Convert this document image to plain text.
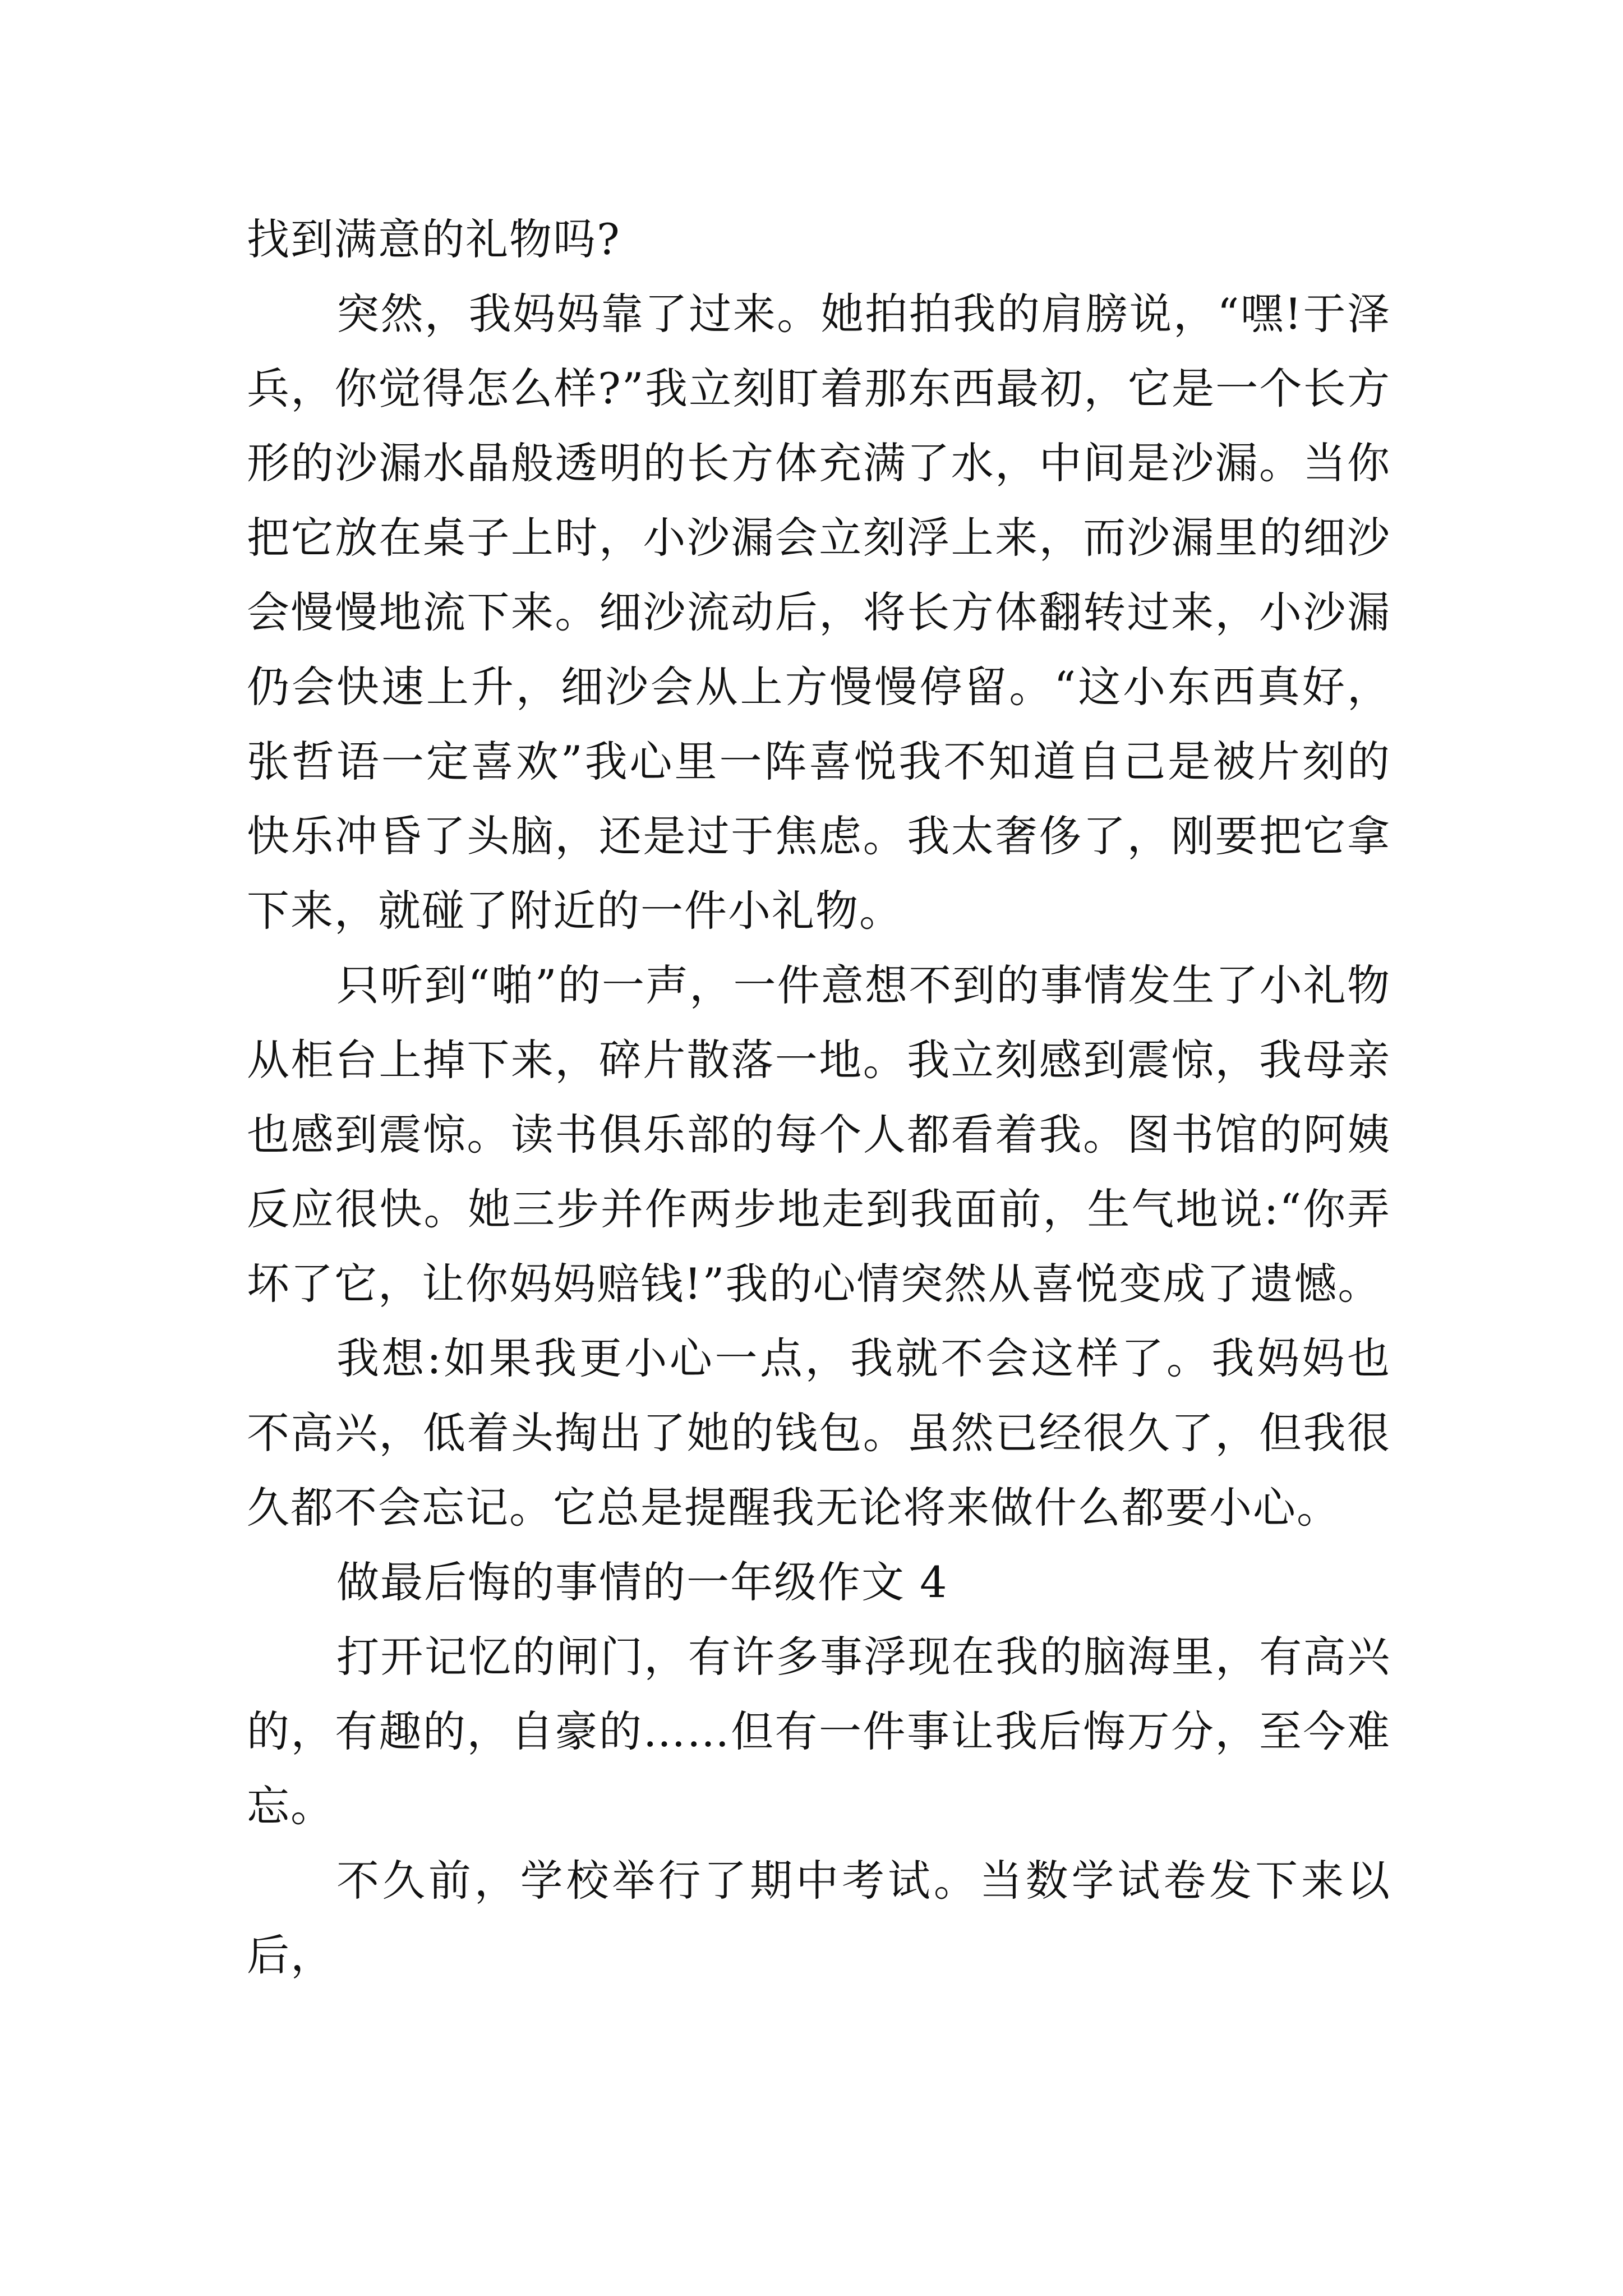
找到满意的礼物吗?

突然，我妈妈靠了过来。她拍拍我的肩膀说，“嘿!于泽兵，你觉得怎么样?”我立刻盯着那东西最初，它是一个长方形的沙漏水晶般透明的长方体充满了水，中间是沙漏。当你把它放在桌子上时，小沙漏会立刻浮上来，而沙漏里的细沙会慢慢地流下来。细沙流动后，将长方体翻转过来，小沙漏仍会快速上升，细沙会从上方慢慢停留。“这小东西真好，张哲语一定喜欢”我心里一阵喜悦我不知道自己是被片刻的快乐冲昏了头脑，还是过于焦虑。我太奢侈了，刚要把它拿下来，就碰了附近的一件小礼物。

只听到“啪”的一声，一件意想不到的事情发生了小礼物从柜台上掉下来，碎片散落一地。我立刻感到震惊，我母亲也感到震惊。读书俱乐部的每个人都看着我。图书馆的阿姨反应很快。她三步并作两步地走到我面前，生气地说:“你弄坏了它，让你妈妈赔钱!”我的心情突然从喜悦变成了遗憾。

我想:如果我更小心一点，我就不会这样了。我妈妈也不高兴，低着头掏出了她的钱包。虽然已经很久了，但我很久都不会忘记。它总是提醒我无论将来做什么都要小心。

做最后悔的事情的一年级作文 4

打开记忆的闸门，有许多事浮现在我的脑海里，有高兴的，有趣的，自豪的……但有一件事让我后悔万分，至今难忘。

不久前，学校举行了期中考试。当数学试卷发下来以后，
